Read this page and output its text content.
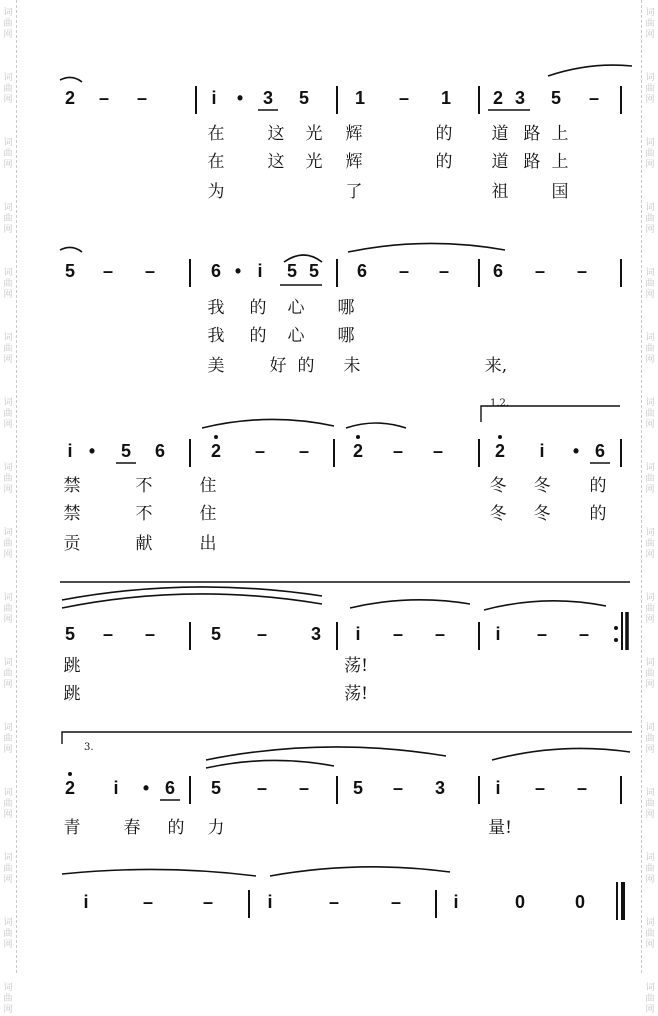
词
曲
网
词
曲
网
词
曲
网
词
曲
网
词
曲
网
词
曲
网
词
曲
网
词
曲
网
词
曲
网
词
曲
网
词
曲
网
词
曲
网
词
曲
网
词
曲
网
词
曲
网
词
曲
网
词
曲
网
词
曲
网
词
曲
网
词
曲
网
词
曲
网
词
曲
网
词
曲
网
词
曲
网
词
曲
网
词
曲
网
词
曲
网
词
曲
网
词
曲
网
词
曲
网
词
曲
网
词
曲
网
2 – –	i	•	3 5	1 – 1 2 3 5 –
在	这 光 辉	的 道 路 上
在	这 光 辉	的 道 路 上
为	了	祖	国
5 – –	6 • i	5 5 6 – – 6 – –
我 的 心 哪
我 的 心 哪
美	好 的 未	来,
i •	5 6	2 – – 2 – –	2	i	• 6
禁	不	住	冬 冬 的
禁	不	住	冬 冬 的
贡	献	出
1.2.
5 – –	5 – 3	i	– –	i	– –
跳	荡!
跳	荡!
2	i	• 6 5 – – 5 – 3	i	– –
青	春 的 力	量!
3.
i	–	–	i	–	–	i	0	0
